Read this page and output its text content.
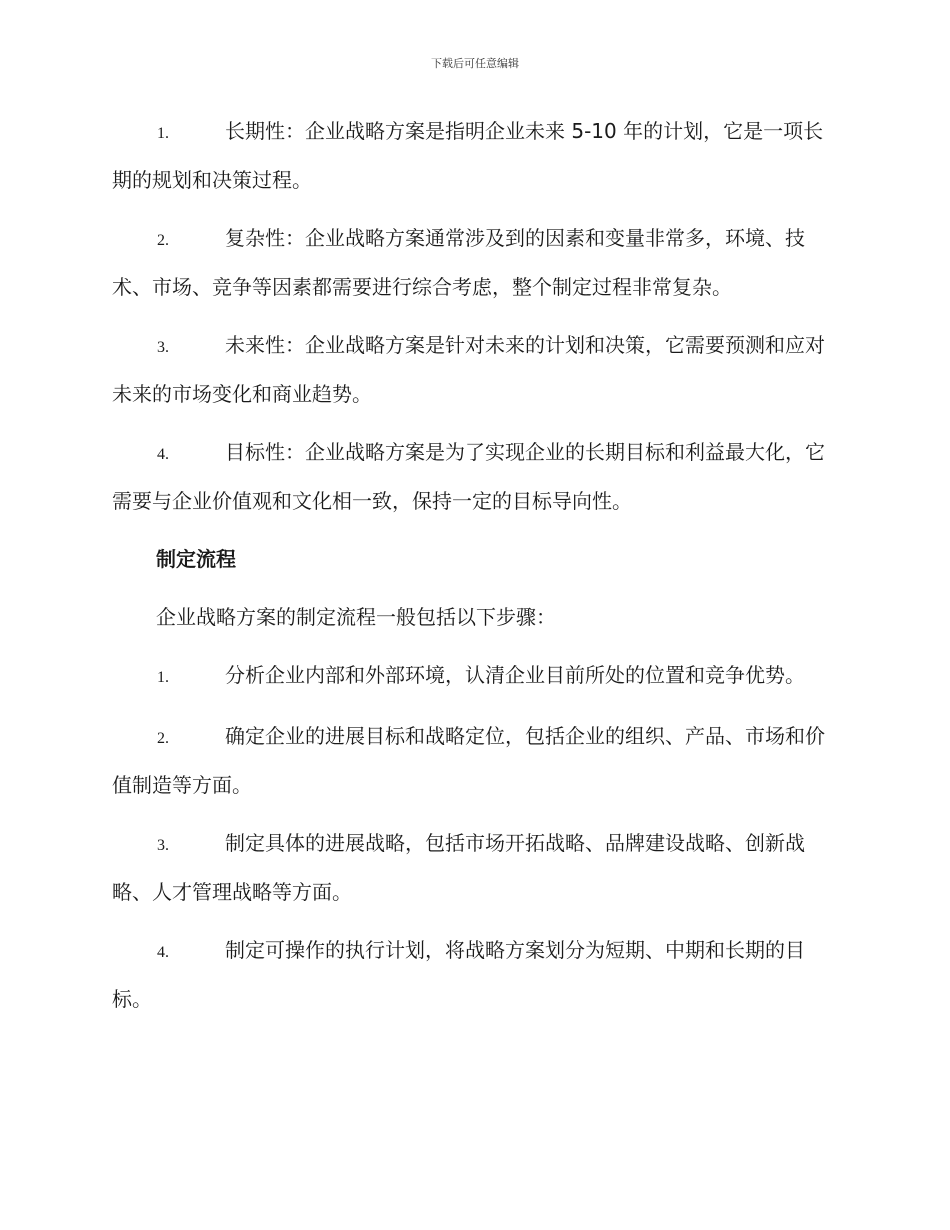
下载后可任意编辑

1.	长期性：企业战略方案是指明企业未来 5-10 年的计划，它是一项长期的规划和决策过程。

2.	复杂性：企业战略方案通常涉及到的因素和变量非常多，环境、技术、市场、竞争等因素都需要进行综合考虑，整个制定过程非常复杂。

3.	未来性：企业战略方案是针对未来的计划和决策，它需要预测和应对未来的市场变化和商业趋势。

4.	目标性：企业战略方案是为了实现企业的长期目标和利益最大化，它需要与企业价值观和文化相一致，保持一定的目标导向性。

制定流程

企业战略方案的制定流程一般包括以下步骤：

1.	分析企业内部和外部环境，认清企业目前所处的位置和竞争优势。

2.	确定企业的进展目标和战略定位，包括企业的组织、产品、市场和价值制造等方面。

3.	制定具体的进展战略，包括市场开拓战略、品牌建设战略、创新战略、人才管理战略等方面。

4.	制定可操作的执行计划，将战略方案划分为短期、中期和长期的目标。
